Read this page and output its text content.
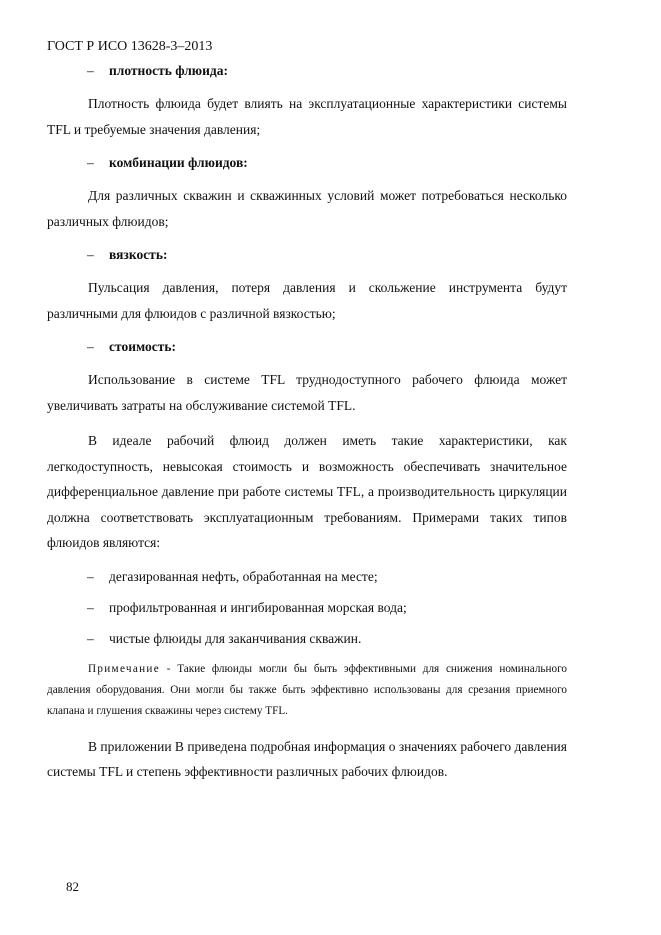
ГОСТ Р ИСО 13628-3–2013
– плотность флюида:

Плотность флюида будет влиять на эксплуатационные характеристики системы TFL и требуемые значения давления;

– комбинации флюидов:

Для различных скважин и скважинных условий может потребоваться несколько различных флюидов;

– вязкость:

Пульсация давления, потеря давления и скольжение инструмента будут различными для флюидов с различной вязкостью;

– стоимость:

Использование в системе TFL труднодоступного рабочего флюида может увеличивать затраты на обслуживание системой TFL.

В идеале рабочий флюид должен иметь такие характеристики, как легкодоступность, невысокая стоимость и возможность обеспечивать значительное дифференциальное давление при работе системы TFL, а производительность циркуляции должна соответствовать эксплуатационным требованиям. Примерами таких типов флюидов являются:

– дегазированная нефть, обработанная на месте;
– профильтрованная и ингибированная морская вода;
– чистые флюиды для заканчивания скважин.

Примечание - Такие флюиды могли бы быть эффективными для снижения номинального давления оборудования. Они могли бы также быть эффективно использованы для срезания приемного клапана и глушения скважины через систему TFL.

В приложении B приведена подробная информация о значениях рабочего давления системы TFL и степень эффективности различных рабочих флюидов.

82
